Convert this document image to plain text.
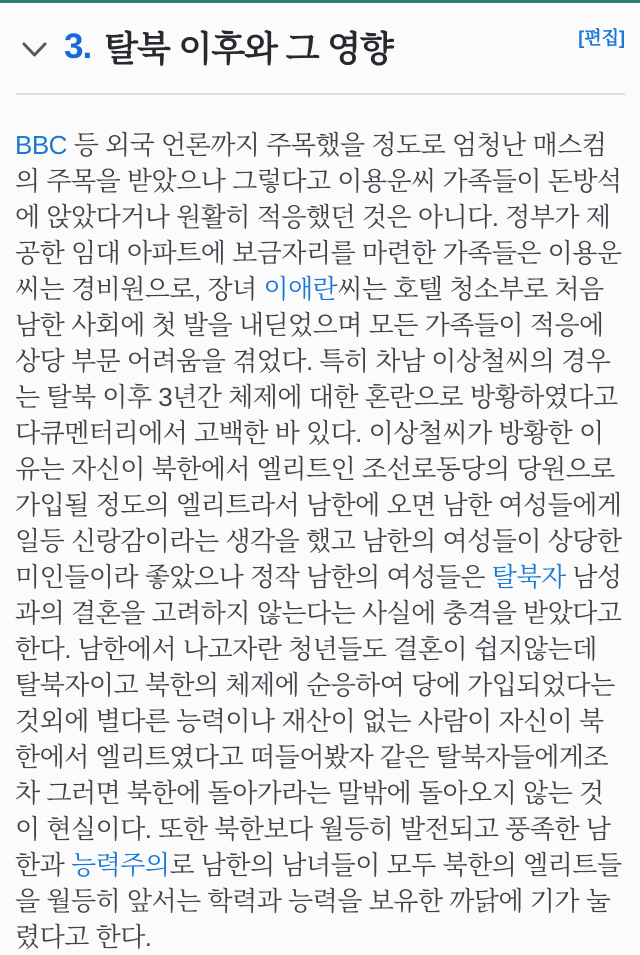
3. 탈북 이후와 그 영향	[편집]

BBC 등 외국 언론까지 주목했을 정도로 엄청난 매스컴의 주목을 받았으나 그렇다고 이용운씨 가족들이 돈방석에 앉았다거나 원활히 적응했던 것은 아니다. 정부가 제공한 임대 아파트에 보금자리를 마련한 가족들은 이용운씨는 경비원으로, 장녀 이애란씨는 호텔 청소부로 처음 남한 사회에 첫 발을 내딛었으며 모든 가족들이 적응에 상당 부문 어려움을 겪었다. 특히 차남 이상철씨의 경우는 탈북 이후 3년간 체제에 대한 혼란으로 방황하였다고 다큐멘터리에서 고백한 바 있다. 이상철씨가 방황한 이유는 자신이 북한에서 엘리트인 조선로동당의 당원으로 가입될 정도의 엘리트라서 남한에 오면 남한 여성들에게 일등 신랑감이라는 생각을 했고 남한의 여성들이 상당한 미인들이라 좋았으나 정작 남한의 여성들은 탈북자 남성과의 결혼을 고려하지 않는다는 사실에 충격을 받았다고 한다. 남한에서 나고자란 청년들도 결혼이 쉽지않는데 탈북자이고 북한의 체제에 순응하여 당에 가입되었다는 것외에 별다른 능력이나 재산이 없는 사람이 자신이 북한에서 엘리트였다고 떠들어봤자 같은 탈북자들에게조차 그러면 북한에 돌아가라는 말밖에 돌아오지 않는 것이 현실이다. 또한 북한보다 월등히 발전되고 풍족한 남한과 능력주의로 남한의 남녀들이 모두 북한의 엘리트들을 월등히 앞서는 학력과 능력을 보유한 까닭에 기가 눌렸다고 한다.
